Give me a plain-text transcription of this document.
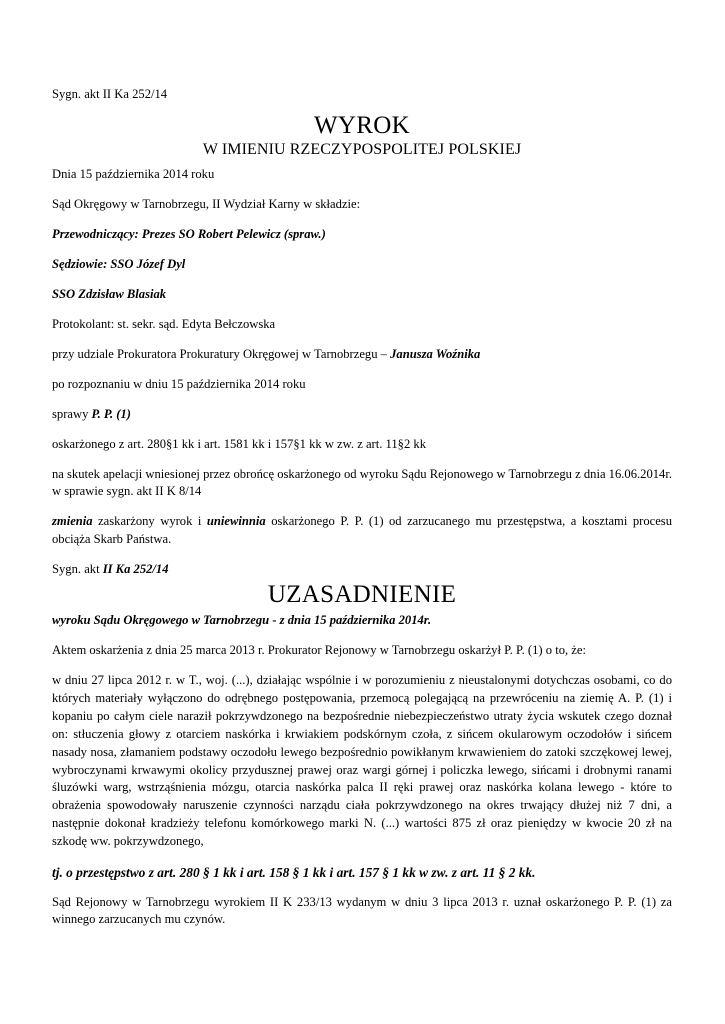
Sygn. akt II Ka 252/14

WYROK

W IMIENIU RZECZYPOSPOLITEJ POLSKIEJ

Dnia 15 października 2014 roku

Sąd Okręgowy w Tarnobrzegu, II Wydział Karny w składzie:

Przewodniczący: Prezes SO Robert Pelewicz (spraw.)

Sędziowie: SSO Józef Dyl

SSO Zdzisław Blasiak

Protokolant: st. sekr. sąd. Edyta Bełczowska

przy udziale Prokuratora Prokuratury Okręgowej w Tarnobrzegu – Janusza Woźnika

po rozpoznaniu w dniu 15 października 2014 roku

sprawy P. P. (1)

oskarżonego z art. 280§1 kk i art. 1581 kk i 157§1 kk w zw. z art. 11§2 kk

na skutek apelacji wniesionej przez obrońcę oskarżonego od wyroku Sądu Rejonowego w Tarnobrzegu z dnia 16.06.2014r. w sprawie sygn. akt II K 8/14

zmienia zaskarżony wyrok i uniewinnia oskarżonego P. P. (1) od zarzucanego mu przestępstwa, a kosztami procesu obciąża Skarb Państwa.

Sygn. akt II Ka 252/14

UZASADNIENIE

wyroku Sądu Okręgowego w Tarnobrzegu - z dnia 15 października 2014r.

Aktem oskarżenia z dnia 25 marca 2013 r. Prokurator Rejonowy w Tarnobrzegu oskarżył P. P. (1) o to, że:

w dniu 27 lipca 2012 r. w T., woj. (...), działając wspólnie i w porozumieniu z nieustalonymi dotychczas osobami, co do których materiały wyłączono do odrębnego postępowania, przemocą polegającą na przewróceniu na ziemię A. P. (1) i kopaniu po całym ciele naraził pokrzywdzonego na bezpośrednie niebezpieczeństwo utraty życia wskutek czego doznał on: stłuczenia głowy z otarciem naskórka i krwiakiem podskórnym czoła, z sińcem okularowym oczodołów i sińcem nasady nosa, złamaniem podstawy oczodołu lewego bezpośrednio powikłanym krwawieniem do zatoki szczękowej lewej, wybroczynami krwawymi okolicy przydusznej prawej oraz wargi górnej i policzka lewego, sińcami i drobnymi ranami śluzówki warg, wstrząśnienia mózgu, otarcia naskórka palca II ręki prawej oraz naskórka kolana lewego - które to obrażenia spowodowały naruszenie czynności narządu ciała pokrzywdzonego na okres trwający dłużej niż 7 dni, a następnie dokonał kradzieży telefonu komórkowego marki N. (...) wartości 875 zł oraz pieniędzy w kwocie 20 zł na szkodę ww. pokrzywdzonego,

tj. o przestępstwo z art. 280 § 1 kk i art. 158 § 1 kk i art. 157 § 1 kk w zw. z art. 11 § 2 kk.

Sąd Rejonowy w Tarnobrzegu wyrokiem II K 233/13 wydanym w dniu 3 lipca 2013 r. uznał oskarżonego P. P. (1) za winnego zarzucanych mu czynów.
